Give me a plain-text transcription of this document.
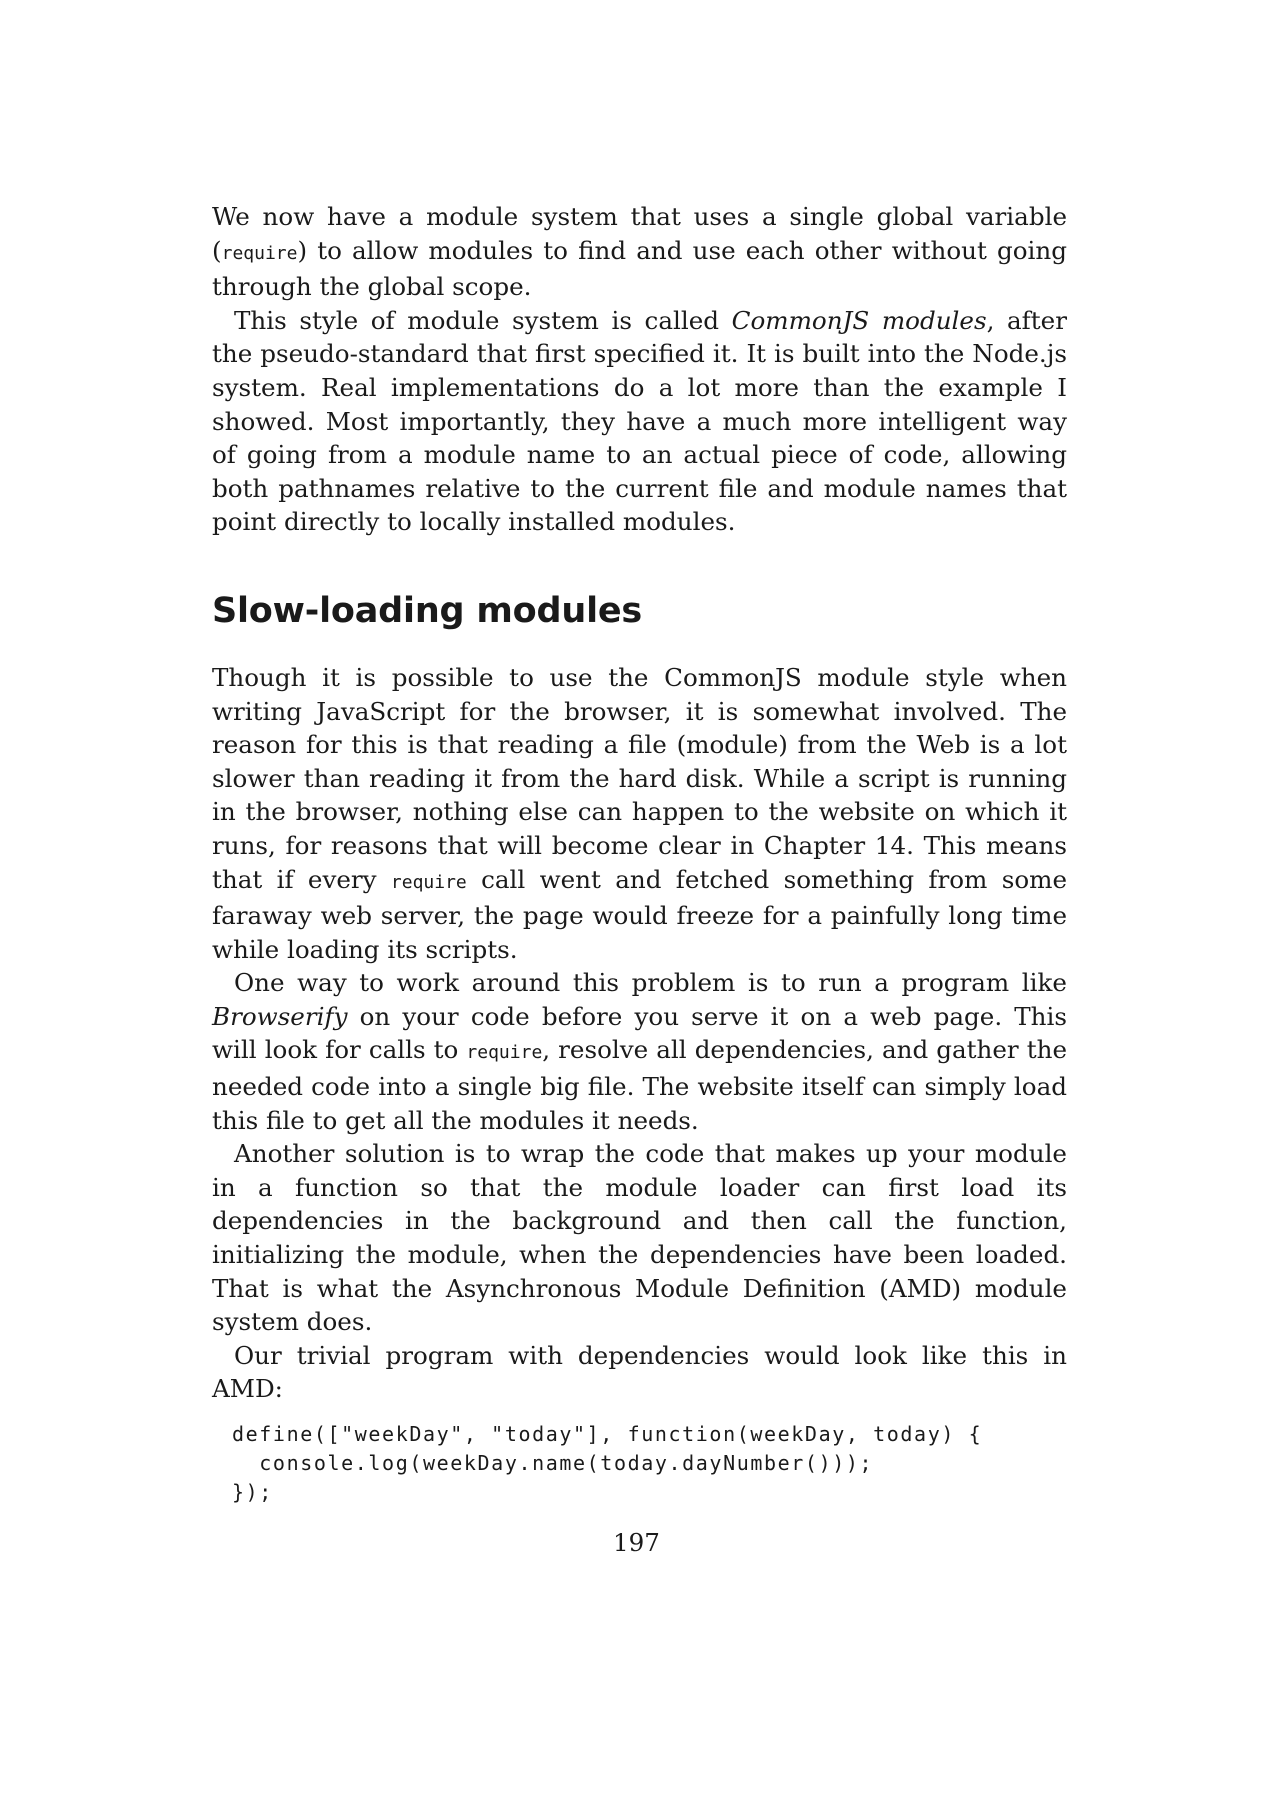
We now have a module system that uses a single global variable (require) to allow modules to find and use each other without going through the global scope.

This style of module system is called CommonJS modules, after the pseudo-standard that first specified it. It is built into the Node.js system. Real implementations do a lot more than the example I showed. Most importantly, they have a much more intelligent way of going from a module name to an actual piece of code, allowing both pathnames relative to the current file and module names that point directly to locally installed modules.

Slow-loading modules

Though it is possible to use the CommonJS module style when writing JavaScript for the browser, it is somewhat involved. The reason for this is that reading a file (module) from the Web is a lot slower than reading it from the hard disk. While a script is running in the browser, nothing else can happen to the website on which it runs, for reasons that will become clear in Chapter 14. This means that if every require call went and fetched something from some faraway web server, the page would freeze for a painfully long time while loading its scripts.

One way to work around this problem is to run a program like Browserify on your code before you serve it on a web page. This will look for calls to require, resolve all dependencies, and gather the needed code into a single big file. The website itself can simply load this file to get all the modules it needs.

Another solution is to wrap the code that makes up your module in a function so that the module loader can first load its dependencies in the background and then call the function, initializing the module, when the dependencies have been loaded. That is what the Asynchronous Module Definition (AMD) module system does.

Our trivial program with dependencies would look like this in AMD:

define(["weekDay", "today"], function(weekDay, today) {
console.log(weekDay.name(today.dayNumber()));
});
197
